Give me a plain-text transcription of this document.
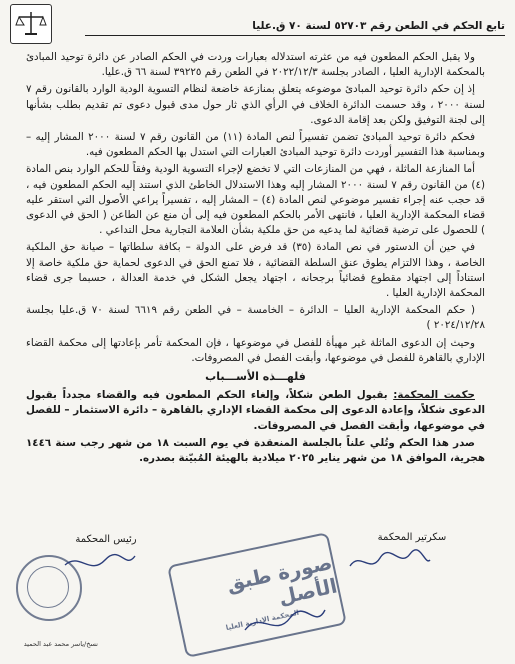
تابع الحكم في الطعن رقم ٥٢٧٠٣ لسنة ٧٠ ق.عليا

ولا يقبل الحكم المطعون فيه من عثرته استدلاله بعبارات وردت في الحكم الصادر عن دائرة توحيد المبادئ بالمحكمة الإدارية العليا ، الصادر بجلسة ٢٠٢٢/١٢/٣ في الطعن رقم ٣٩٢٢٥ لسنة ٦٦ ق.عليا.

إذ إن حكم دائرة توحيد المبادئ موضوعه يتعلق بمنازعة خاضعة لنظام التسوية الودية الوارد بالقانون رقم ٧ لسنة ٢٠٠٠ ، وقد حسمت الدائرة الخلاف في الرأي الذي ثار حول مدى قبول دعوى تم تقديم بطلب بشأنها إلى لجنة التوفيق ولكن بعد إقامة الدعوى.

فحكم دائرة توحيد المبادئ تضمن تفسيراً لنص المادة (١١) من القانون رقم ٧ لسنة ٢٠٠٠ المشار إليه – وبمناسبة هذا التفسير أوردت دائرة توحيد المبادئ العبارات التي استدل بها الحكم المطعون فيه.

أما المنازعة الماثلة ، فهي من المنازعات التي لا تخضع لإجراء التسوية الودية وفقاً للحكم الوارد بنص المادة (٤) من القانون رقم ٧ لسنة ٢٠٠٠ المشار إليه وهذا الاستدلال الخاطئ الذي استند إليه الحكم المطعون فيه ، قد حجب عنه إجراء تفسير موضوعي لنص المادة (٤) – المشار إليه ، تفسيراً يراعي الأصول التي استقر عليه قضاء المحكمة الإدارية العليا ، فانتهى الأمر بالحكم المطعون فيه إلى أن منع عن الطاعن ( الحق في الدعوى ) للحصول على ترضية قضائية لما يدعيه من حق ملكية بشأن العلامة التجارية محل التداعي .

في حين أن الدستور في نص المادة (٣٥) قد فرض على الدولة – بكافة سلطاتها – صيانة حق الملكية الخاصة ، وهذا الالتزام يطوق عنق السلطة القضائية ، فلا تمنع الحق في الدعوى لحماية حق ملكية خاصة إلا استناداً إلى اجتهاد مقطوع قضائياً برجحانه ، اجتهاد يجعل الشكل في خدمة العدالة ، حسبما جرى قضاء المحكمة الإدارية العليا .

( حكم المحكمة الإدارية العليا – الدائرة – الخامسة – في الطعن رقم ٦٦١٩ لسنة ٧٠ ق.عليا بجلسة ٢٠٢٤/١٢/٢٨ )

وحيث إن الدعوى الماثلة غير مهيأة للفصل في موضوعها ، فإن المحكمة تأمر بإعادتها إلى محكمة القضاء الإداري بالقاهرة للفصل في موضوعها، وأبقت الفصل في المصروفات.

فلهـــذه الأســـباب

حكمت المحكمة: بقبول الطعن شكلاً، وإلغاء الحكم المطعون فيه والقضاء مجدداً بقبول الدعوى شكلاً، وإعادة الدعوى إلى محكمة القضاء الإداري بالقاهرة – دائرة الاستثمار – للفصل في موضوعها، وأبقت الفصل في المصروفات.

صدر هذا الحكم وتُلي علناً بالجلسة المنعقدة في يوم السبت ١٨ من شهر رجب سنة ١٤٤٦ هجرية، الموافق ١٨ من شهر يناير ٢٠٢٥ ميلادية بالهيئة المُبيّنة بصدره.

رئيس المحكمة	سكرتير المحكمة
صورة طبق الأصل
المحكمة الإدارية العليا
نسخ/ياسر محمد عبد الحميد
